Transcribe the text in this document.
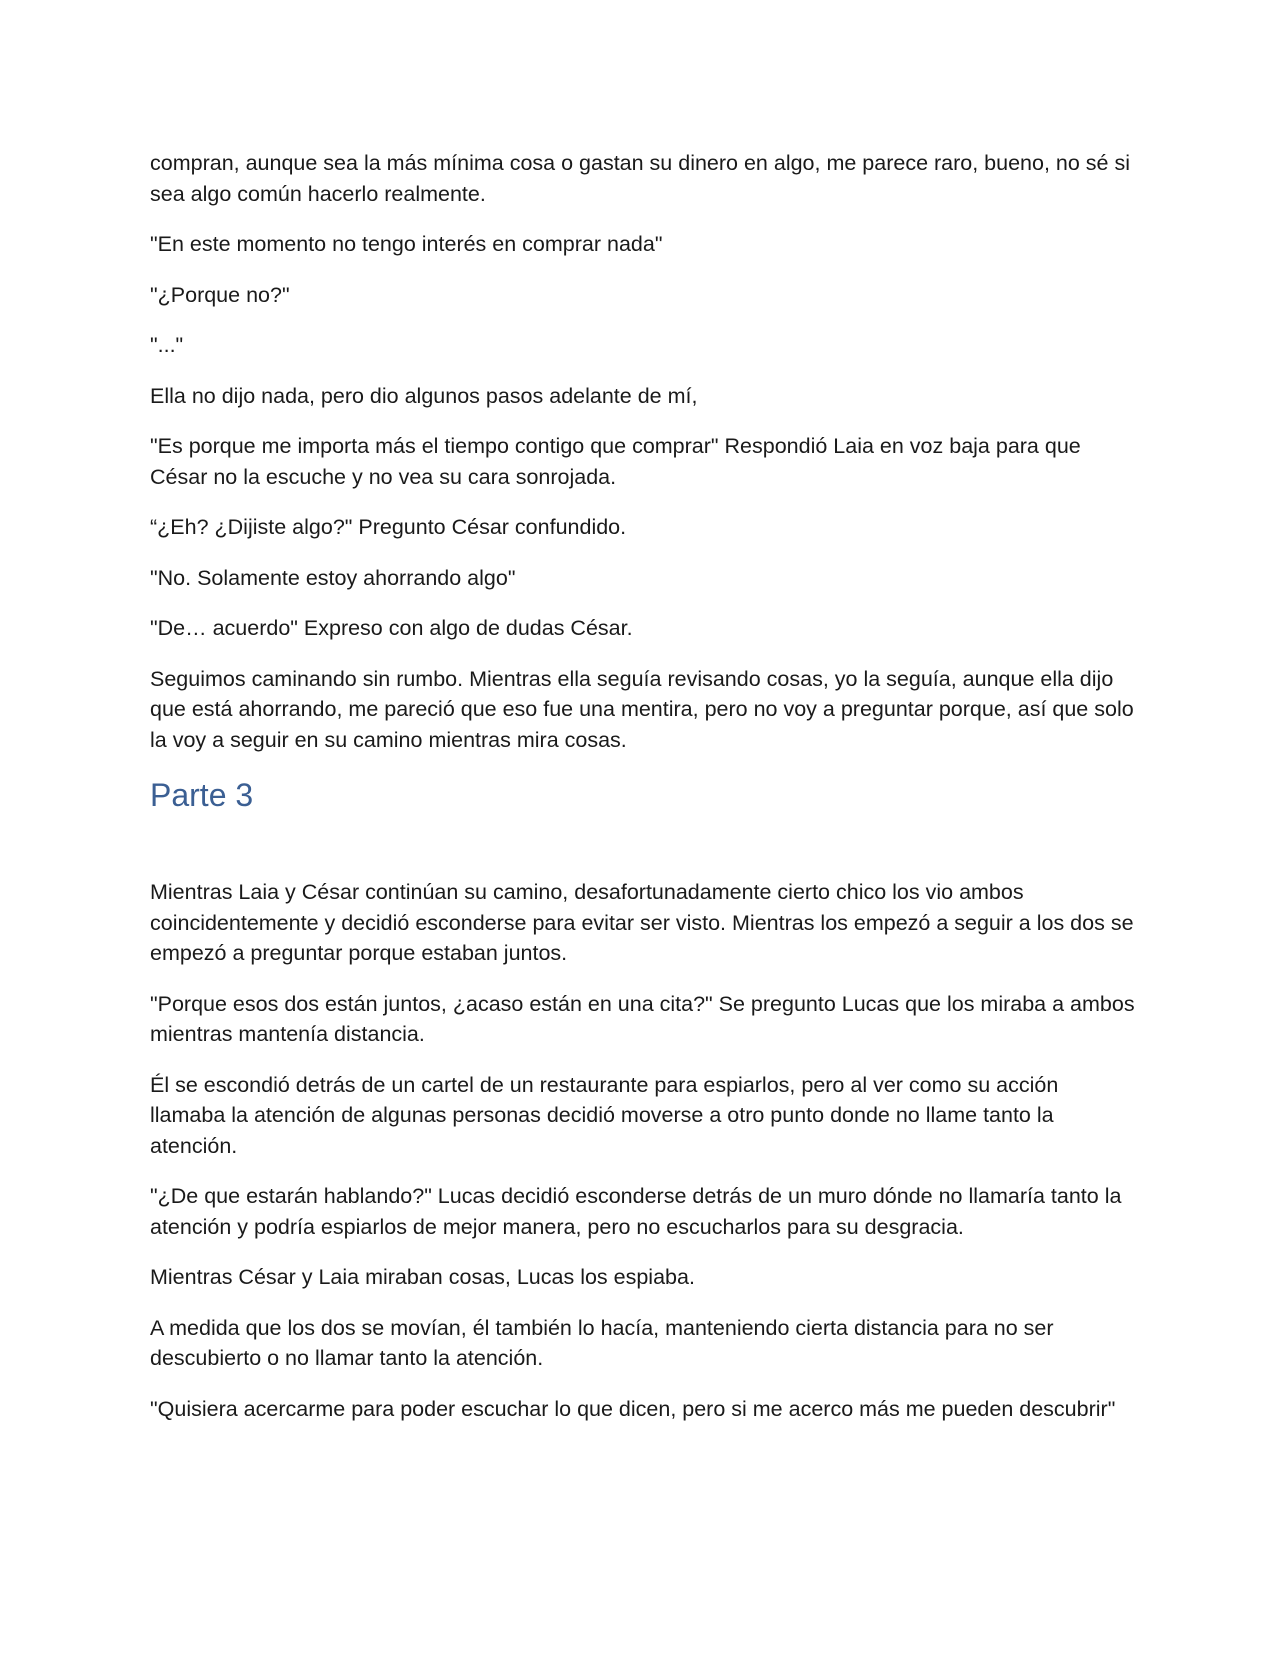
compran, aunque sea la más mínima cosa o gastan su dinero en algo, me parece raro, bueno, no sé si sea algo común hacerlo realmente.

"En este momento no tengo interés en comprar nada"

"¿Porque no?"

"..."

Ella no dijo nada, pero dio algunos pasos adelante de mí,

"Es porque me importa más el tiempo contigo que comprar" Respondió Laia en voz baja para que César no la escuche y no vea su cara sonrojada.

“¿Eh? ¿Dijiste algo?" Pregunto César confundido.

"No. Solamente estoy ahorrando algo"

"De… acuerdo" Expreso con algo de dudas César.

Seguimos caminando sin rumbo. Mientras ella seguía revisando cosas, yo la seguía, aunque ella dijo que está ahorrando, me pareció que eso fue una mentira, pero no voy a preguntar porque, así que solo la voy a seguir en su camino mientras mira cosas.

Parte 3

Mientras Laia y César continúan su camino, desafortunadamente cierto chico los vio ambos coincidentemente y decidió esconderse para evitar ser visto. Mientras los empezó a seguir a los dos se empezó a preguntar porque estaban juntos.

"Porque esos dos están juntos, ¿acaso están en una cita?" Se pregunto Lucas que los miraba a ambos mientras mantenía distancia.

Él se escondió detrás de un cartel de un restaurante para espiarlos, pero al ver como su acción llamaba la atención de algunas personas decidió moverse a otro punto donde no llame tanto la atención.

"¿De que estarán hablando?" Lucas decidió esconderse detrás de un muro dónde no llamaría tanto la atención y podría espiarlos de mejor manera, pero no escucharlos para su desgracia.

Mientras César y Laia miraban cosas, Lucas los espiaba.

A medida que los dos se movían, él también lo hacía, manteniendo cierta distancia para no ser descubierto o no llamar tanto la atención.

"Quisiera acercarme para poder escuchar lo que dicen, pero si me acerco más me pueden descubrir"
